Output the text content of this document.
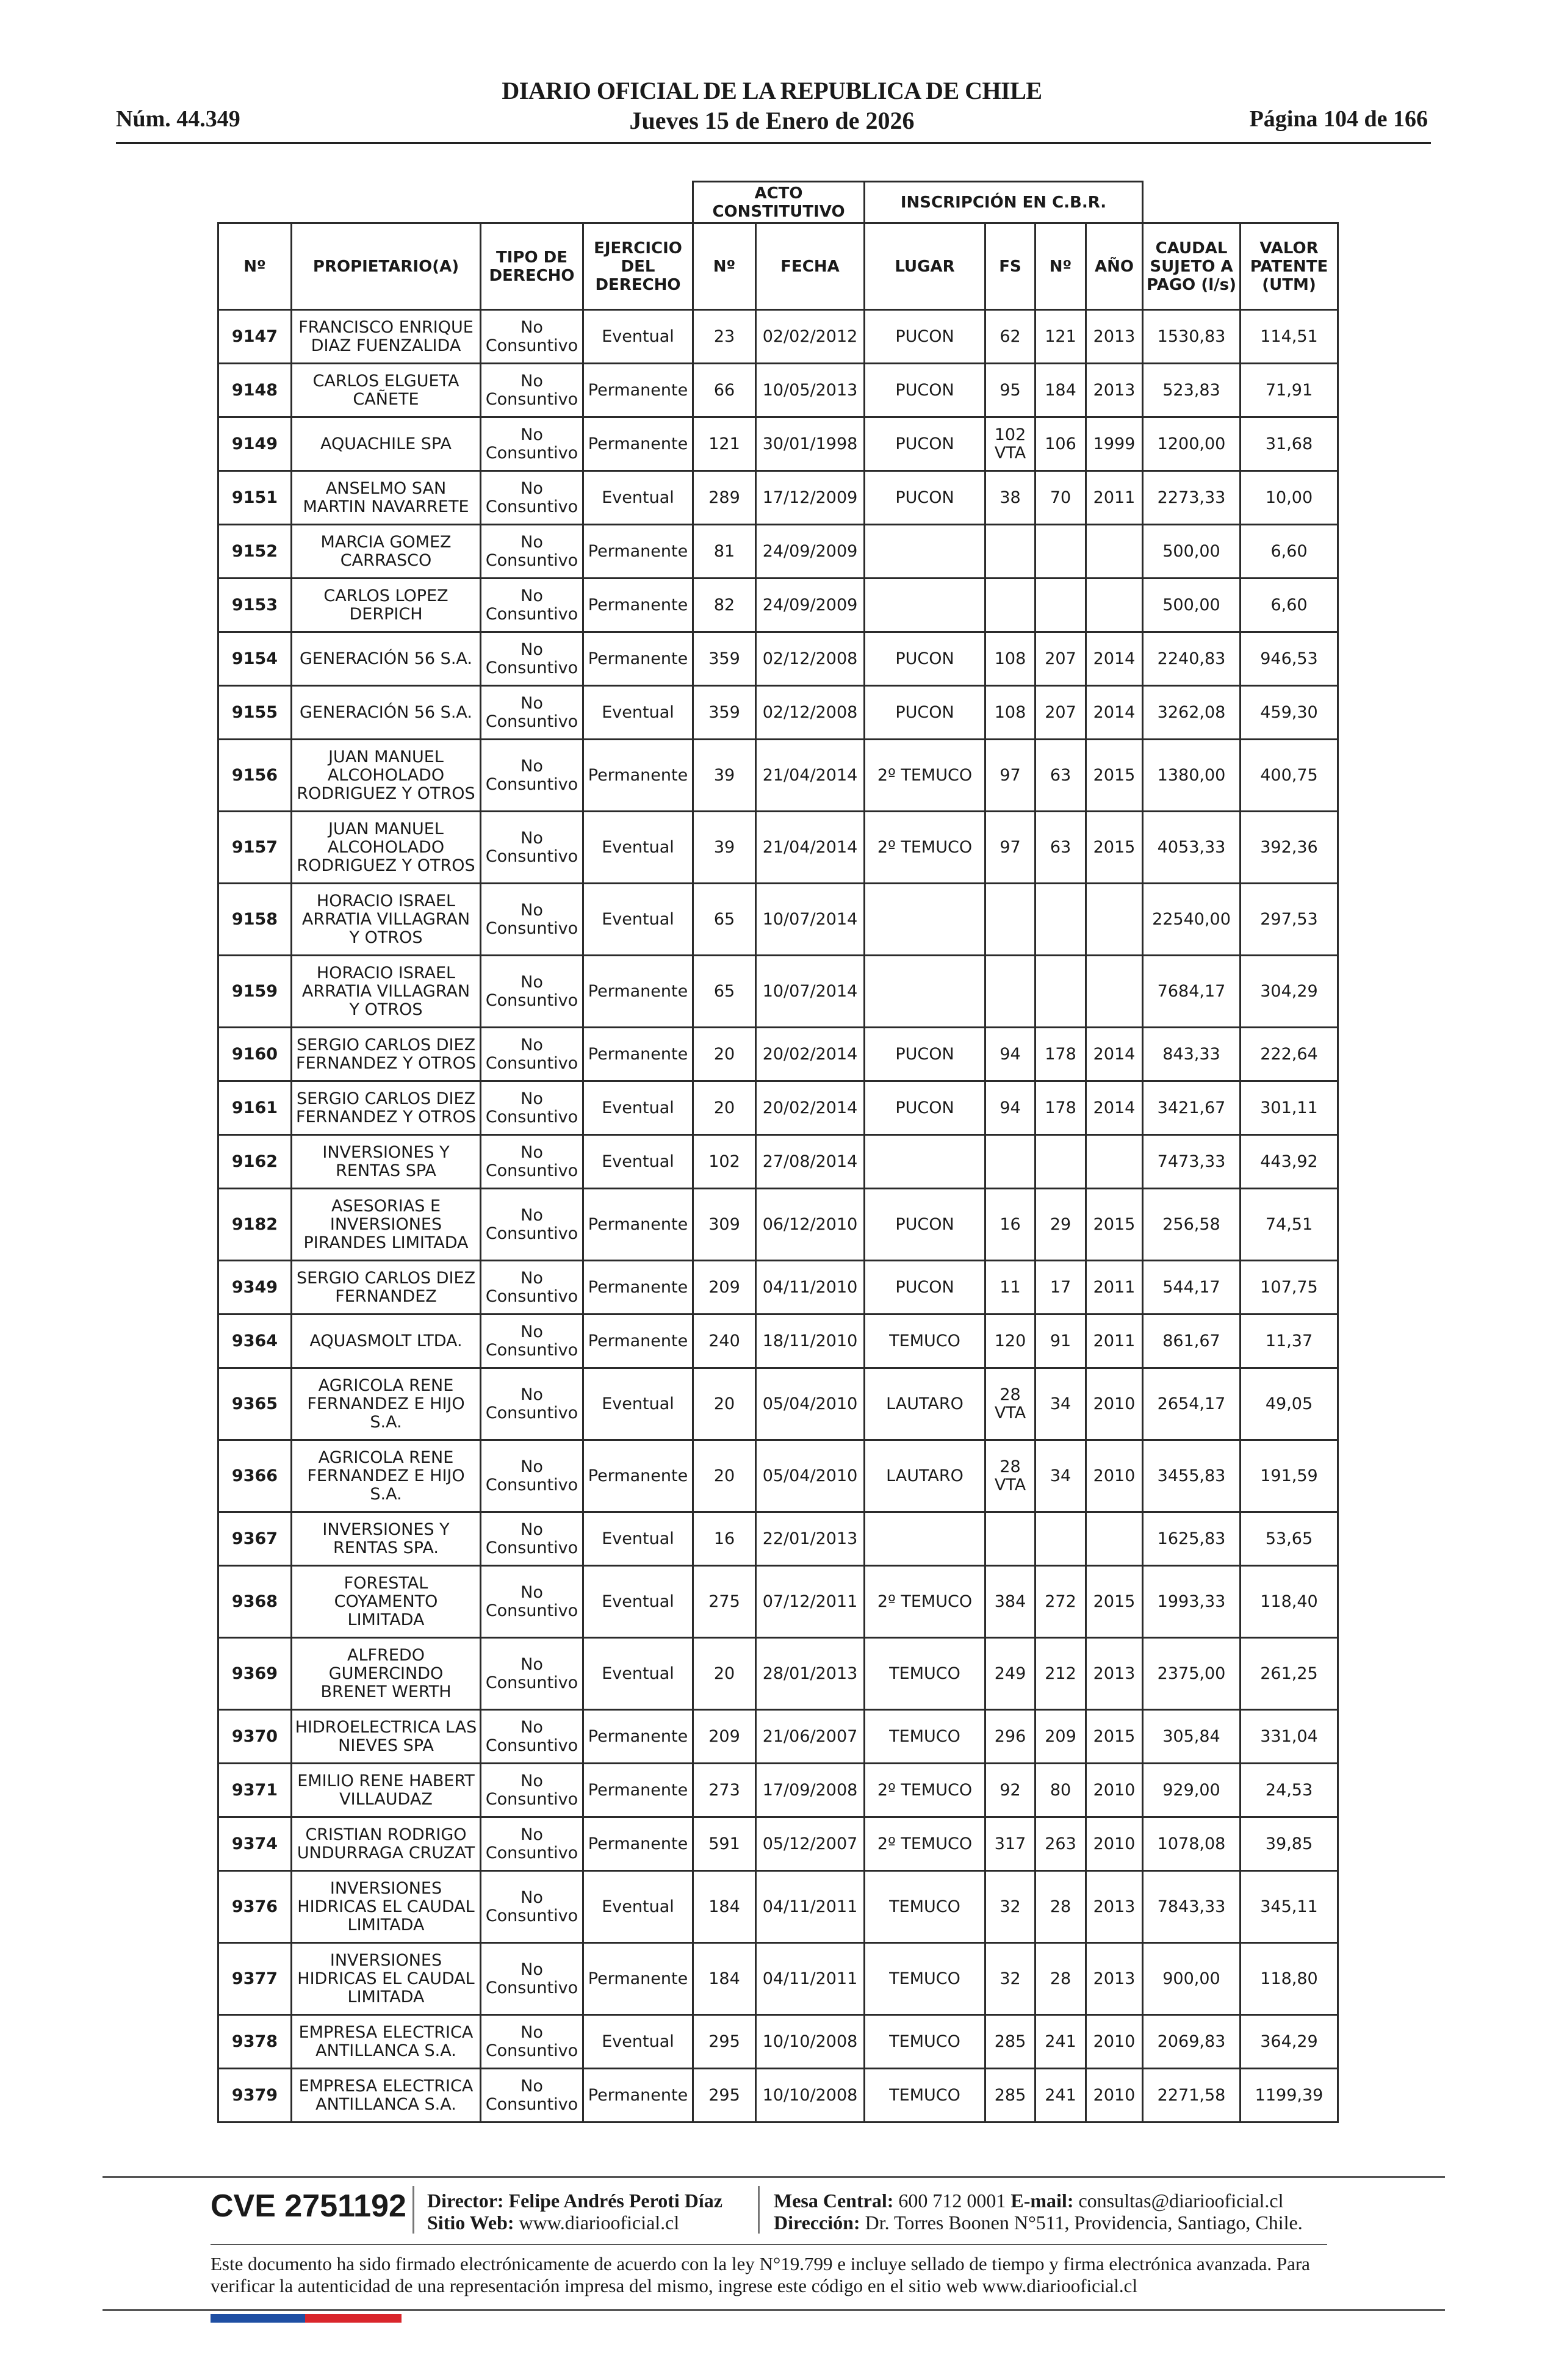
Núm. 44.349
DIARIO OFICIAL DE LA REPUBLICA DE CHILE
Jueves 15 de Enero de 2026	Página 104 de 166
				ACTO CONSTITUTIVO		INSCRIPCIÓN EN C.B.R.					
Nº	PROPIETARIO(A)	TIPO DE DERECHO	EJERCICIO DEL DERECHO	Nº	FECHA	LUGAR	FS	Nº	AÑO	CAUDAL SUJETO A PAGO (l/s)	VALOR PATENTE (UTM)
9147	FRANCISCO ENRIQUE DIAZ FUENZALIDA	No Consuntivo	Eventual	23	02/02/2012	PUCON	62	121	2013	1530,83	114,51
9148	CARLOS ELGUETA CAÑETE	No Consuntivo	Permanente	66	10/05/2013	PUCON	95	184	2013	523,83	71,91
9149	AQUACHILE SPA	No Consuntivo	Permanente	121	30/01/1998	PUCON	102 VTA	106	1999	1200,00	31,68
9151	ANSELMO SAN MARTIN NAVARRETE	No Consuntivo	Eventual	289	17/12/2009	PUCON	38	70	2011	2273,33	10,00
9152	MARCIA GOMEZ CARRASCO	No Consuntivo	Permanente	81	24/09/2009					500,00	6,60
9153	CARLOS LOPEZ DERPICH	No Consuntivo	Permanente	82	24/09/2009					500,00	6,60
9154	GENERACIÓN 56 S.A.	No Consuntivo	Permanente	359	02/12/2008	PUCON	108	207	2014	2240,83	946,53
9155	GENERACIÓN 56 S.A.	No Consuntivo	Eventual	359	02/12/2008	PUCON	108	207	2014	3262,08	459,30
9156	JUAN MANUEL ALCOHOLADO RODRIGUEZ Y OTROS	No Consuntivo	Permanente	39	21/04/2014	2º TEMUCO	97	63	2015	1380,00	400,75
9157	JUAN MANUEL ALCOHOLADO RODRIGUEZ Y OTROS	No Consuntivo	Eventual	39	21/04/2014	2º TEMUCO	97	63	2015	4053,33	392,36
9158	HORACIO ISRAEL ARRATIA VILLAGRAN Y OTROS	No Consuntivo	Eventual	65	10/07/2014					22540,00	297,53
9159	HORACIO ISRAEL ARRATIA VILLAGRAN Y OTROS	No Consuntivo	Permanente	65	10/07/2014					7684,17	304,29
9160	SERGIO CARLOS DIEZ FERNANDEZ Y OTROS	No Consuntivo	Permanente	20	20/02/2014	PUCON	94	178	2014	843,33	222,64
9161	SERGIO CARLOS DIEZ FERNANDEZ Y OTROS	No Consuntivo	Eventual	20	20/02/2014	PUCON	94	178	2014	3421,67	301,11
9162	INVERSIONES Y RENTAS SPA	No Consuntivo	Eventual	102	27/08/2014					7473,33	443,92
9182	ASESORIAS E INVERSIONES PIRANDES LIMITADA	No Consuntivo	Permanente	309	06/12/2010	PUCON	16	29	2015	256,58	74,51
9349	SERGIO CARLOS DIEZ FERNANDEZ	No Consuntivo	Permanente	209	04/11/2010	PUCON	11	17	2011	544,17	107,75
9364	AQUASMOLT LTDA.	No Consuntivo	Permanente	240	18/11/2010	TEMUCO	120	91	2011	861,67	11,37
9365	AGRICOLA RENE FERNANDEZ E HIJO S.A.	No Consuntivo	Eventual	20	05/04/2010	LAUTARO	28 VTA	34	2010	2654,17	49,05
9366	AGRICOLA RENE FERNANDEZ E HIJO S.A.	No Consuntivo	Permanente	20	05/04/2010	LAUTARO	28 VTA	34	2010	3455,83	191,59
9367	INVERSIONES Y RENTAS SPA.	No Consuntivo	Eventual	16	22/01/2013					1625,83	53,65
9368	FORESTAL COYAMENTO LIMITADA	No Consuntivo	Eventual	275	07/12/2011	2º TEMUCO	384	272	2015	1993,33	118,40
9369	ALFREDO GUMERCINDO BRENET WERTH	No Consuntivo	Eventual	20	28/01/2013	TEMUCO	249	212	2013	2375,00	261,25
9370	HIDROELECTRICA LAS NIEVES SPA	No Consuntivo	Permanente	209	21/06/2007	TEMUCO	296	209	2015	305,84	331,04
9371	EMILIO RENE HABERT VILLAUDAZ	No Consuntivo	Permanente	273	17/09/2008	2º TEMUCO	92	80	2010	929,00	24,53
9374	CRISTIAN RODRIGO UNDURRAGA CRUZAT	No Consuntivo	Permanente	591	05/12/2007	2º TEMUCO	317	263	2010	1078,08	39,85
9376	INVERSIONES HIDRICAS EL CAUDAL LIMITADA	No Consuntivo	Eventual	184	04/11/2011	TEMUCO	32	28	2013	7843,33	345,11
9377	INVERSIONES HIDRICAS EL CAUDAL LIMITADA	No Consuntivo	Permanente	184	04/11/2011	TEMUCO	32	28	2013	900,00	118,80
9378	EMPRESA ELECTRICA ANTILLANCA S.A.	No Consuntivo	Eventual	295	10/10/2008	TEMUCO	285	241	2010	2069,83	364,29
9379	EMPRESA ELECTRICA ANTILLANCA S.A.	No Consuntivo	Permanente	295	10/10/2008	TEMUCO	285	241	2010	2271,58	1199,39
CVE 2751192 Director: Felipe Andrés Peroti Díaz
Sitio Web: www.diariooficial.cl
Mesa Central: 600 712 0001 E-mail: consultas@diariooficial.cl
Dirección: Dr. Torres Boonen N°511, Providencia, Santiago, Chile.
Este documento ha sido firmado electrónicamente de acuerdo con la ley N°19.799 e incluye sellado de tiempo y firma electrónica avanzada. Para verificar la autenticidad de una representación impresa del mismo, ingrese este código en el sitio web www.diariooficial.cl
